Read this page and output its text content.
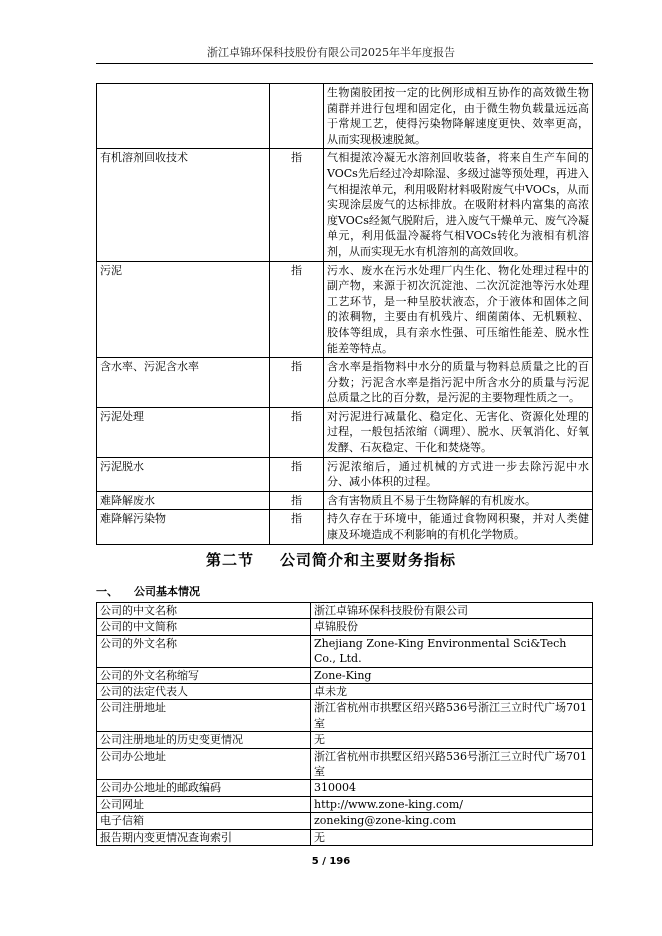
浙江卓锦环保科技股份有限公司2025年半年度报告
		生物菌胶团按一定的比例形成相互协作的高效微生物菌群并进行包埋和固定化，由于微生物负载量远远高于常规工艺，使得污染物降解速度更快、效率更高，从而实现极速脱氮。
有机溶剂回收技术	指	气相提浓冷凝无水溶剂回收装备，将来自生产车间的VOCs先后经过冷却除湿、多级过滤等预处理，再进入气相提浓单元，利用吸附材料吸附废气中VOCs，从而实现涂层废气的达标排放。在吸附材料内富集的高浓度VOCs经氮气脱附后，进入废气干燥单元、废气冷凝单元，利用低温冷凝将气相VOCs转化为液相有机溶剂，从而实现无水有机溶剂的高效回收。
污泥	指	污水、废水在污水处理厂内生化、物化处理过程中的副产物，来源于初次沉淀池、二次沉淀池等污水处理工艺环节，是一种呈胶状液态，介于液体和固体之间的浓稠物，主要由有机残片、细菌菌体、无机颗粒、胶体等组成，具有亲水性强、可压缩性能差、脱水性能差等特点。
含水率、污泥含水率	指	含水率是指物料中水分的质量与物料总质量之比的百分数；污泥含水率是指污泥中所含水分的质量与污泥总质量之比的百分数，是污泥的主要物理性质之一。
污泥处理	指	对污泥进行减量化、稳定化、无害化、资源化处理的过程，一般包括浓缩（调理）、脱水、厌氧消化、好氧发酵、石灰稳定、干化和焚烧等。
污泥脱水	指	污泥浓缩后，通过机械的方式进一步去除污泥中水分、减小体积的过程。
难降解废水	指	含有害物质且不易于生物降解的有机废水。
难降解污染物	指	持久存在于环境中，能通过食物网积聚，并对人类健康及环境造成不利影响的有机化学物质。
第二节 公司简介和主要财务指标
一、 公司基本情况
公司的中文名称	浙江卓锦环保科技股份有限公司
公司的中文简称	卓锦股份
公司的外文名称	Zhejiang Zone-King Environmental Sci&Tech Co., Ltd.
公司的外文名称缩写	Zone-King
公司的法定代表人	卓未龙
公司注册地址	浙江省杭州市拱墅区绍兴路536号浙江三立时代广场701室
公司注册地址的历史变更情况	无
公司办公地址	浙江省杭州市拱墅区绍兴路536号浙江三立时代广场701室
公司办公地址的邮政编码	310004
公司网址	http://www.zone-king.com/
电子信箱	zoneking@zone-king.com
报告期内变更情况查询索引	无
5 / 196
